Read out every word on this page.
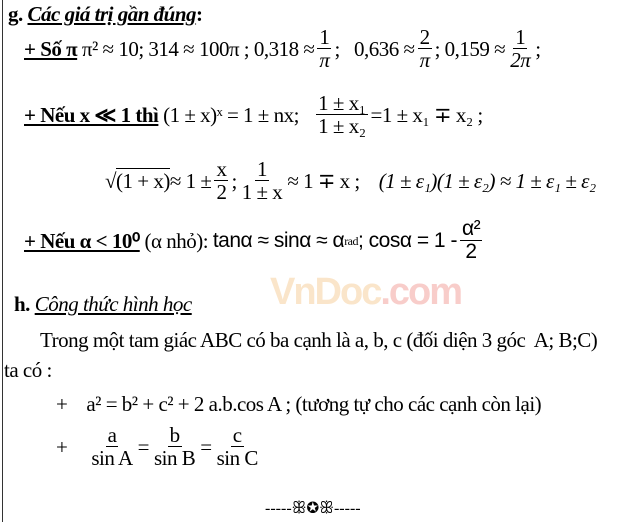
g.
Các giá trị gần đúng :
+ Số π
π² ≈ 10; 314 ≈ 100π ; $0,318 \approx \frac{1}{\pi}$ ;   $0,636 \approx \frac{2}{\pi}$ ; $0,159 \approx \frac{1}{2\pi}$ ;
+ Nếu x ≪ 1 thì
(1 ± x)ˣ = 1 ± nx;
$\frac{\text{1 ± x₁}}{\text{1 ± x₂}} =1 \pm x_1 \mp x_2$ ;
√ $(1 + x) \approx 1 \pm \frac{x}{2}$ ; $\frac{1}{1 \pm x} \approx 1 \mp x$ ;
(1 ± ε₁)(1 ± ε₂) ≈ 1 ± ε₁ ± ε₂
+ Nếu α < 10⁰
(α nhỏ):
tanα ≈ sinα ≈ α rad ; $\cos\alpha = 1 - \frac{\text{α²}}{2}$
VnDoc.com
h.
Công thức hình học
Trong một tam giác ABC có ba cạnh là a, b, c (đối diện 3 góc  A; B;C)
ta có :
+    a² = b² + c² + 2 a.b.cos A ; (tương tự cho các cạnh còn lại)
+
$\frac{a}{\text{sin A}} = \frac{b}{\text{sin B}} = \frac{c}{\text{sin C}}$
-----ꕥ✪ꕥ-----
